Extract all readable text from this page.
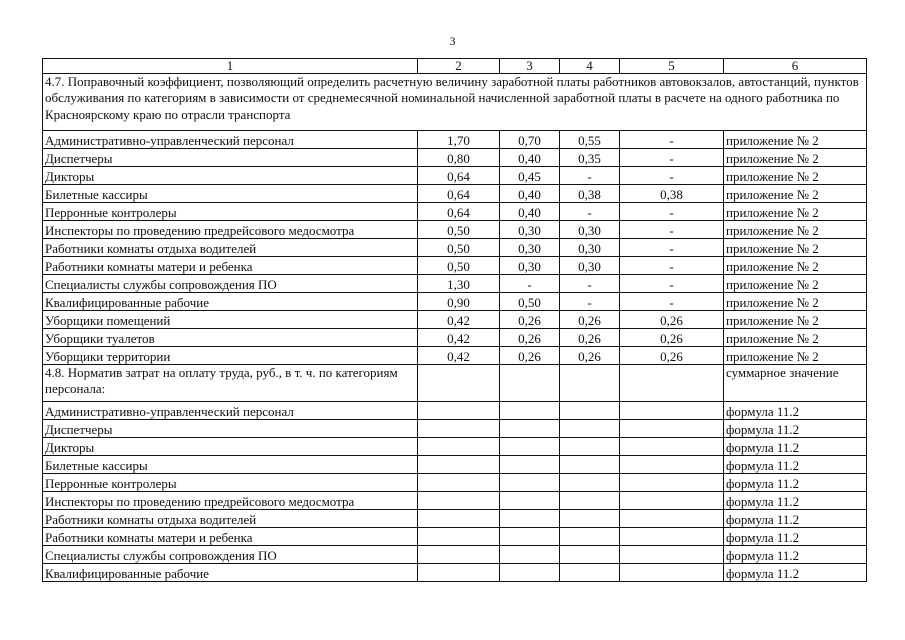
3
1	2	3	4	5	6
4.7. Поправочный коэффициент, позволяющий определить расчетную величину заработной платы работников автовокзалов, автостанций, пунктов обслуживания по категориям в зависимости от среднемесячной номинальной начисленной заработной платы в расчете на одного работника по Красноярскому краю по отрасли транспорта					
Административно-управленческий персонал	1,70	0,70	0,55	-	приложение № 2
Диспетчеры	0,80	0,40	0,35	-	приложение № 2
Дикторы	0,64	0,45	-	-	приложение № 2
Билетные кассиры	0,64	0,40	0,38	0,38	приложение № 2
Перронные контролеры	0,64	0,40	-	-	приложение № 2
Инспекторы по проведению предрейсового медосмотра	0,50	0,30	0,30	-	приложение № 2
Работники комнаты отдыха водителей	0,50	0,30	0,30	-	приложение № 2
Работники комнаты матери и ребенка	0,50	0,30	0,30	-	приложение № 2
Специалисты службы сопровождения ПО	1,30	-	-	-	приложение № 2
Квалифицированные рабочие	0,90	0,50	-	-	приложение № 2
Уборщики помещений	0,42	0,26	0,26	0,26	приложение № 2
Уборщики туалетов	0,42	0,26	0,26	0,26	приложение № 2
Уборщики территории	0,42	0,26	0,26	0,26	приложение № 2
4.8. Норматив затрат на оплату труда, руб., в т. ч. по категориям персонала:					суммарное значение
Административно-управленческий персонал					формула 11.2
Диспетчеры					формула 11.2
Дикторы					формула 11.2
Билетные кассиры					формула 11.2
Перронные контролеры					формула 11.2
Инспекторы по проведению предрейсового медосмотра					формула 11.2
Работники комнаты отдыха водителей					формула 11.2
Работники комнаты матери и ребенка					формула 11.2
Специалисты службы сопровождения ПО					формула 11.2
Квалифицированные рабочие					формула 11.2
